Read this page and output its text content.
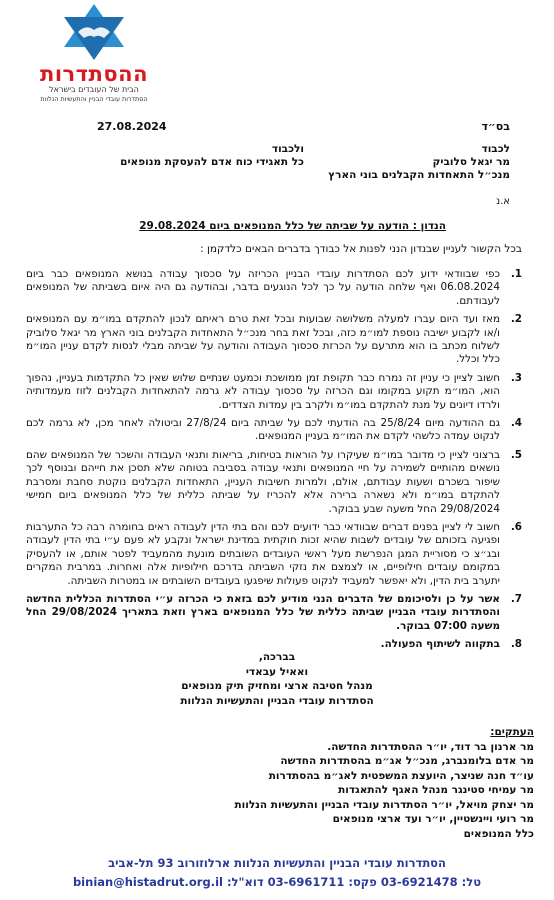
ההסתדרות
הבית של העובדים בישראל
הסתדרות עובדי הבניין והתעשיות הנלוות
27.08.2024	בס״ד
לכבוד
מר יגאל סלוביק
מנכ״ל התאחדות הקבלנים בוני הארץ
ולכבוד
כל תאגידי כוח אדם להעסקת מנופאים
א.נ
הנדון : הודעה על שביתה של כלל המנופאים ביום 29.08.2024
בכל הקשור לעניין שבנדון הנני לפנות אל כבודך בדברים הבאים כלדקמן :
1.
כפי שבוודאי ידוע לכם הסתדרות עובדי הבניין הכריזה על סכסוך עבודה בנושא המנופאים כבר ביום 06.08.2024 ואף שלחה הודעה על כך לכל הנוגעים בדבר, ובהודעה גם היה איום בשביתה של המנופאים לעבודתם.
2.
מאז ועד היום עברו למעלה משלושה שבועות ובכל זאת טרם ראיתם לנכון להתקדם במו״מ עם המנופאים ו/או לקבוע ישיבה נוספת למו״מ כזה, ובכל זאת בחר מנכ״ל התאחדות הקבלנים בוני הארץ מר יגאל סלוביק לשלוח מכתב בו הוא מתרעם על הכרזת סכסוך העבודה והודעה על שביתה מבלי לנסות לקדם עניין המו״מ כלל וכלל.
3.
חשוב לציין כי עניין זה נמרח כבר תקופת זמן ממושכת וכמעט שנתיים שלוש שאין כל התקדמות בעניין, נהפוך הוא, המו״מ תקוע במקומו וגם הכרזה על סכסוך עבודה לא גרמה להתאחדות הקבלנים לזוז מעמדותיה ולרדו דיונים על מנת להתקדם במו״מ ולקרב בין עמדות הצדדים.
4.
גם ההודעה מיום 25/8/24 בה הודעתי לכם על שביתה ביום 27/8/24 וביטולה לאחר מכן, לא גרמה לכם לנקוט עמדה כלשהי לקדם את המו״מ בעניין המנופאים.
5.
ברצוני לציין כי מדובר במו״מ שעיקרו על הוראות בטיחות, בריאות ותנאי העבודה והשכר של המנופאים שהם נושאים מהותיים לשמירה על חיי המנופאים ותנאי עבודה בסביבה בטוחה שלא תסכן את חייהם ובנוסף לכך שיפור בשכרם ושעות עבודתם, אולם, ולמרות חשיבות העניין, התאחדות הקבלנים נוקטת סחבת ומסרבת להתקדם במו״מ ולא נשארה ברירה אלא להכריז על שביתה כללית של כלל המנופאים ביום חמישי 29/08/2024 החל משעה שבע בבוקר.
6.
חשוב לי לציין בפנים דברים שבוודאי כבר ידועים לכם והם בתי הדין לעבודה ראים בחומרה רבה כל התערבות ופגיעה בזכותם של עובדים לשבות שהיא זכות חוקתית במדינת ישראל ונקבע לא פעם ע״י בתי הדין לעבודה ובג״צ כי מסוריית המגן הנפרשת מעל ראשי העובדים השובתים מונעת מהמעביד לפטר אותם, או להעסיק במקומם עובדים חילופיים, או לצמצם את נזקי השביתה בדרכם חילופיות אלה ואחרות. במרבית המקרים יתערב בית הדין, ולא יאפשר למעביד לנקוט פעולות שיפגעו בעובדים השובתים או במטרות השביתה.
7.
אשר על כן ולסיכומם של הדברים הנני מודיע לכם בזאת כי הכרזה ע״י הסתדרות הכללית החדשה והסתדרות עובדי הבניין שביתה כללית של כלל המנופאים בארץ וזאת בתאריך 29/08/2024 החל משעה 07:00 בבוקר.
8.
בתקווה לשיתוף הפעולה.
בברכה,
ואאיל עבאדי
מנהל חטיבה ארצי ומחזיק תיק מנופאים
הסתדרות עובדי הבניין והתעשיות הנלוות
העתקים:
מר ארנון בר דוד, יו״ר ההסתדרות החדשה.
מר אדם בלומנברג, מנכ״ל אג״מ בהסתדרות החדשה
עו״ד חנה שניצר, היועצת המשפטית לאג״מ בהסתדרות
מר עמיחי סטינגר מנהל האגף להתאגדות
מר יצחק מויאל, יו״ר הסתדרות עובדי הבניין והתעשיות הנלוות
מר רועי ויינשטיין, יו״ר ועד ארצי מנופאים
כלל המנופאים
הסתדרות עובדי הבניין והתעשיות הנלוות ארלוזורוב 93 תל-אביב
טל: 03-6921478 פקס: 03-6961711 דוא"ל: binian@histadrut.org.il
